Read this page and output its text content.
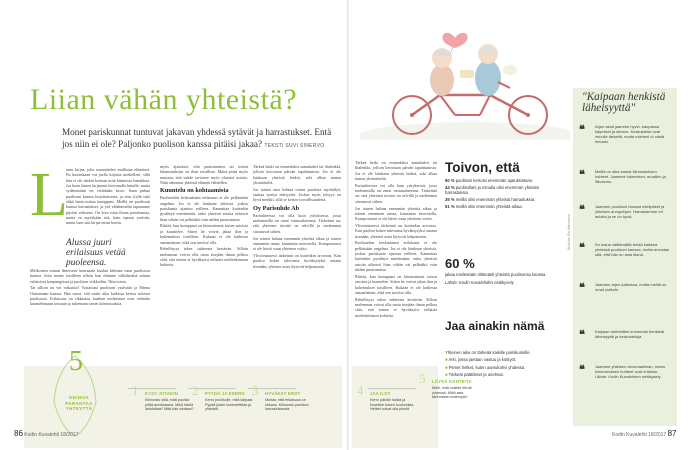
Kuvitus Shutterstock
Liian vähän yhteistä?
Monet pariskunnat tuntuvat jakavan yhdessä sytävät ja harrastukset. Entä jos niin ei ole? Paljonko puolison kanssa pitäisi jakaa? TEKSTI SUVI SINERVO
L

asen kirjaa, joka suunnittelee mullistaa elämässä. En kuitenkaan voi jaella kirjasta miehelleni, sillä hän ei ole tänkin kertaan mitä kiinnosta lomakkaa. Jos hoen hänen kirjastani kertomalla hänelle, mutta sydämestäni en vieläkään kerro. Saan puhua puolisoni kanssa kirjoituksesta, ja niin, kyllä siitä ehkä hinta mittaa kumppani. Meillä on puolisoni kanssa harrastukset, ja yeä vähänmielin tapaamme pijolisi erikseen. On kiva istua ilman pariskuntaa, mutta en myöskään sitä, kuin tapaan ystävän, mutta luen sitä kirjaa ensin kotiin.

Alussa juuri erilaisuus vetää puoleensa.

Melkoinen minun ilmeisesti kenraaala kuuluu kiilman vaan puolisoon kanssa. Jotta emme toisilleen silloin kun elämme välittämättä minun erilaisissa kaupungeissa ja puolison viikkoihin. Niin toisin.

Tai silloin on voi ratkaista? Vastattuni puolisoni ystävään ja Minna Oulasmaan kanssa. Hän sanoi, että vaatii aika kaikissa kertoa toisesta puolisosta. Erilaisuus on rikkautta, kunhan molemmat ovat valmiita kuuntelemaan toisiaan ja tukemaan toisen kiinnostuksia.

myös ajatukset, että puuttuminen tai toisen kiinnostuksiin on ihan tavallista. Mutta pitää myös muistaa, että suhde tarvitsee myös yhteisiä asioita. Näin rakentuu yhteistä elämää vähitellen.

Kuuntelu on kohtaamista

Puolisoiden keskinäinen erilaisuus ei ole pelkästään ongelma. Jos ei ole lainkaan yhteistä, joskus pariskunta ajautuu erilleen. Kannattaa kuitenkin pysähtyä miettimään, onko yhteisiä asioita oikeasti liian vähän vai pelkääkö vain niiden puuttumista.

Riittää, kun kumppani on kiinnostunut toisen asioista ja kuuntelee. Sitten he voivat jakaa ilon ja kokemukset toisilleen. Kukaan ei ole kaikessa samanlainen, eikä sen tarvitse olla.

Rehellisyys tekee suhteesta kestävän. Silloin molemmat voivat olla omia itsejään ilman pelkoa siitä, että toinen ei hyväksyisi erilaisia mielenkiinnon kohteita.

Tärkeä hetki on esimerkiksi aamukahvi tai iltalenkki, jolloin kerrotaan päivän tapahtumista. Jos ei ole lainkaan yhteisiä hetkiä, arki alkaa tuntua yksinäiseltä.

Jos toinen aina kohtaa toisen puolesta myötäilyä, saattaa syntyä etäisyyttä. Joskus myös tylsyys on hyvä merkki, sillä se kertoo turvallisuudesta.

Oy Parisuhde Ab

Parisuhteessa voi olla kuin yrityksessä, jossa molemmilla on omat vastuualueensa. Tärkeintä on, että yhteinen tavoite on selvillä ja molemmat sitoutuvat siihen.

Jos toinen haluaa enemmän yhteistä aikaa ja toinen enemmän omaa, kannattaa neuvotella. Kompromissi ei ole häviö vaan yhteinen voitto.

Ylivoimaisesti tärkeintä on kuitenkin arvostus. Kun puoliso kokee tulevansa hyväksytyksi omana itsenään, yhteiset asiat löytyvät helpommin.

Tärkeä hetki on esimerkiksi aamukahvi tai iltalenkki, jolloin kerrotaan päivän tapahtumista. Jos ei ole lainkaan yhteisiä hetkiä, arki alkaa tuntua yksinäiseltä.

Parisuhteessa voi olla kuin yrityksessä, jossa molemmilla on omat vastuualueensa. Tärkeintä on, että yhteinen tavoite on selvillä ja molemmat sitoutuvat siihen.

Jos toinen haluaa enemmän yhteistä aikaa ja toinen enemmän omaa, kannattaa neuvotella. Kompromissi ei ole häviö vaan yhteinen voitto.

Ylivoimaisesti tärkeintä on kuitenkin arvostus. Kun puoliso kokee tulevansa hyväksytyksi omana itsenään, yhteiset asiat löytyvät helpommin.

Puolisoiden keskinäinen erilaisuus ei ole pelkästään ongelma. Jos ei ole lainkaan yhteistä, joskus pariskunta ajautuu erilleen. Kannattaa kuitenkin pysähtyä miettimään, onko yhteisiä asioita oikeasti liian vähän vai pelkääkö vain niiden puuttumista.

Riittää, kun kumppani on kiinnostunut toisen asioista ja kuuntelee. Sitten he voivat jakaa ilon ja kokemukset toisilleen. Kukaan ei ole kaikessa samanlainen, eikä sen tarvitse olla.

Rehellisyys tekee suhteesta kestävän. Silloin molemmat voivat olla omia itsejään ilman pelkoa siitä, että toinen ei hyväksyisi erilaisia mielenkiinnon kohteita.

5
KEINOA PARANTAA YHTEYTTÄ
1 KYSY JOTAKIN
Kiinnostu siitä, mitä puoliso pitää arvokkaana. Mikä häntä ilahduttaa? Mitä hän odottaa?
2 PYYDÄ JA KERRO
Kerro puolisolle, mitä kaipaat. Pyydä jotain konkreettista ja yhteistä.
3 HYVÄKSY EROT
Muista, että erilaisuus on rikkaus. Kiinnostu puolison harrastuksesta.
4 JAA ILOT
Kerro päivän iloista ja kuuntele toisen kuulumisia. Hetket voivat olla pieniä.
5 LÖYDÄ KOHTEITA
Mieti, mitä voisitte tehdä yhdessä. Mikä asia kiinnostaa molempia?
Toivon, että
50 % puolisoni kertoisi enemmän ajatuksistaan.
44 % puolisollani ja minulla olisi enemmän yhteisiä harrastuksia.
35 % meillä olisi enemmän yhteisiä harrastuksia.
51 % meillä olisi enemmän yhteistä aikaa.
60 %
jakaa mielestään riittävästi yhteistä puolisonsa kanssa.
Lähde: Kodin Kuvalehden nettikysely
Jaa ainakin nämä
Yhteinen aika on tärkeää kaikille pariskunnille.
■ Arki, jossa jaetaan vastuu ja kotityöt.
■ Pienet hetket, kuten aamukahvi yhdessä.
■ Tärkeät päätökset ja unelmat.
"Kaipaan henkistä läheisyyttä"
❝	Arjen asiat jaamme hyvin, kaupassa käymiset ja siivous. Keskustelut ovat minulle tärkeitä, mutta mieheni ei niistä innostu.
❝	Meillä on aika samat kiinnostuksen kohteet. Jaamme lukemisen, musiikin ja liikunnan.
❝	Jaamme puolisoni kanssa mielipiteet ja yhteisen arvopohjan. Harrastamme eri asioita ja se on hyvä.
❝	En halua välttämättä tehdä kaikkea yhdessä puolisoni kanssa, mutta arvostan sitä, että hän on aina läsnä.
❝	Jaamme arjen kaikessa, mutta meillä on omat ystävät.
❝	Kaipaan mieheltäni enemmän henkistä läheisyyttä ja keskusteluja.
❝	Jaamme yhteisen arvomaailman, mutta kiinnostuksen kohteet ovat erilaisia. Lähde: Kodin Kuvalehden nettikysely
86 Kodin Kuvalehti 18/2017	Kodin Kuvalehti 18/2017 87
